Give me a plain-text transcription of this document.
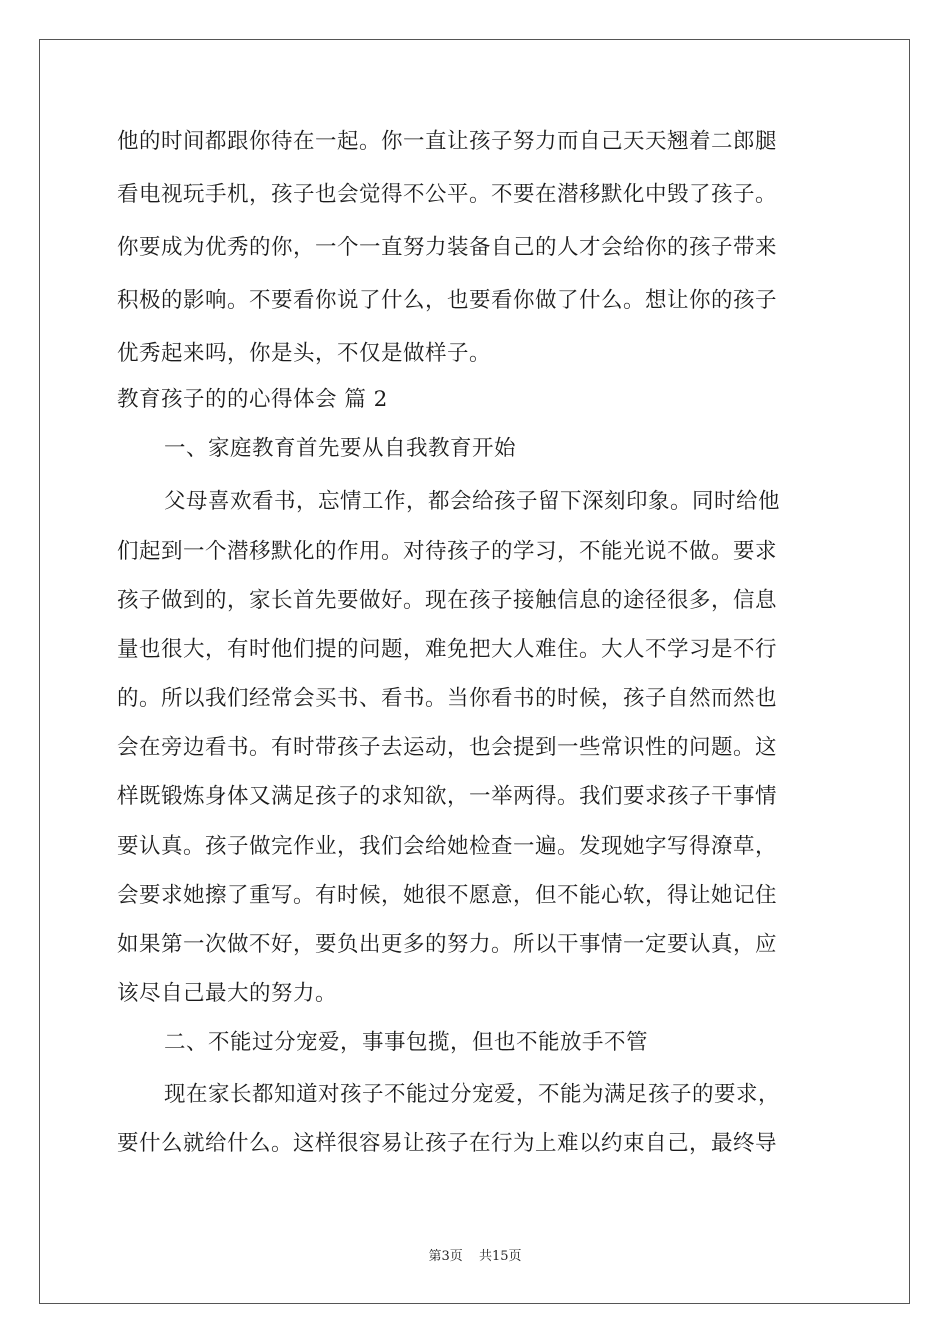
他的时间都跟你待在一起。你一直让孩子努力而自己天天翘着二郎腿
看电视玩手机，孩子也会觉得不公平。不要在潜移默化中毁了孩子。
你要成为优秀的你，一个一直努力装备自己的人才会给你的孩子带来
积极的影响。不要看你说了什么，也要看你做了什么。想让你的孩子
优秀起来吗，你是头，不仅是做样子。
教育孩子的的心得体会 篇 2
一、家庭教育首先要从自我教育开始
父母喜欢看书，忘情工作，都会给孩子留下深刻印象。同时给他
们起到一个潜移默化的作用。对待孩子的学习，不能光说不做。要求
孩子做到的，家长首先要做好。现在孩子接触信息的途径很多，信息
量也很大，有时他们提的问题，难免把大人难住。大人不学习是不行
的。所以我们经常会买书、看书。当你看书的时候，孩子自然而然也
会在旁边看书。有时带孩子去运动，也会提到一些常识性的问题。这
样既锻炼身体又满足孩子的求知欲，一举两得。我们要求孩子干事情
要认真。孩子做完作业，我们会给她检查一遍。发现她字写得潦草，
会要求她擦了重写。有时候，她很不愿意，但不能心软，得让她记住
如果第一次做不好，要负出更多的努力。所以干事情一定要认真，应
该尽自己最大的努力。
二、不能过分宠爱，事事包揽，但也不能放手不管
现在家长都知道对孩子不能过分宠爱，不能为满足孩子的要求，
要什么就给什么。这样很容易让孩子在行为上难以约束自己，最终导
第3页 共15页
